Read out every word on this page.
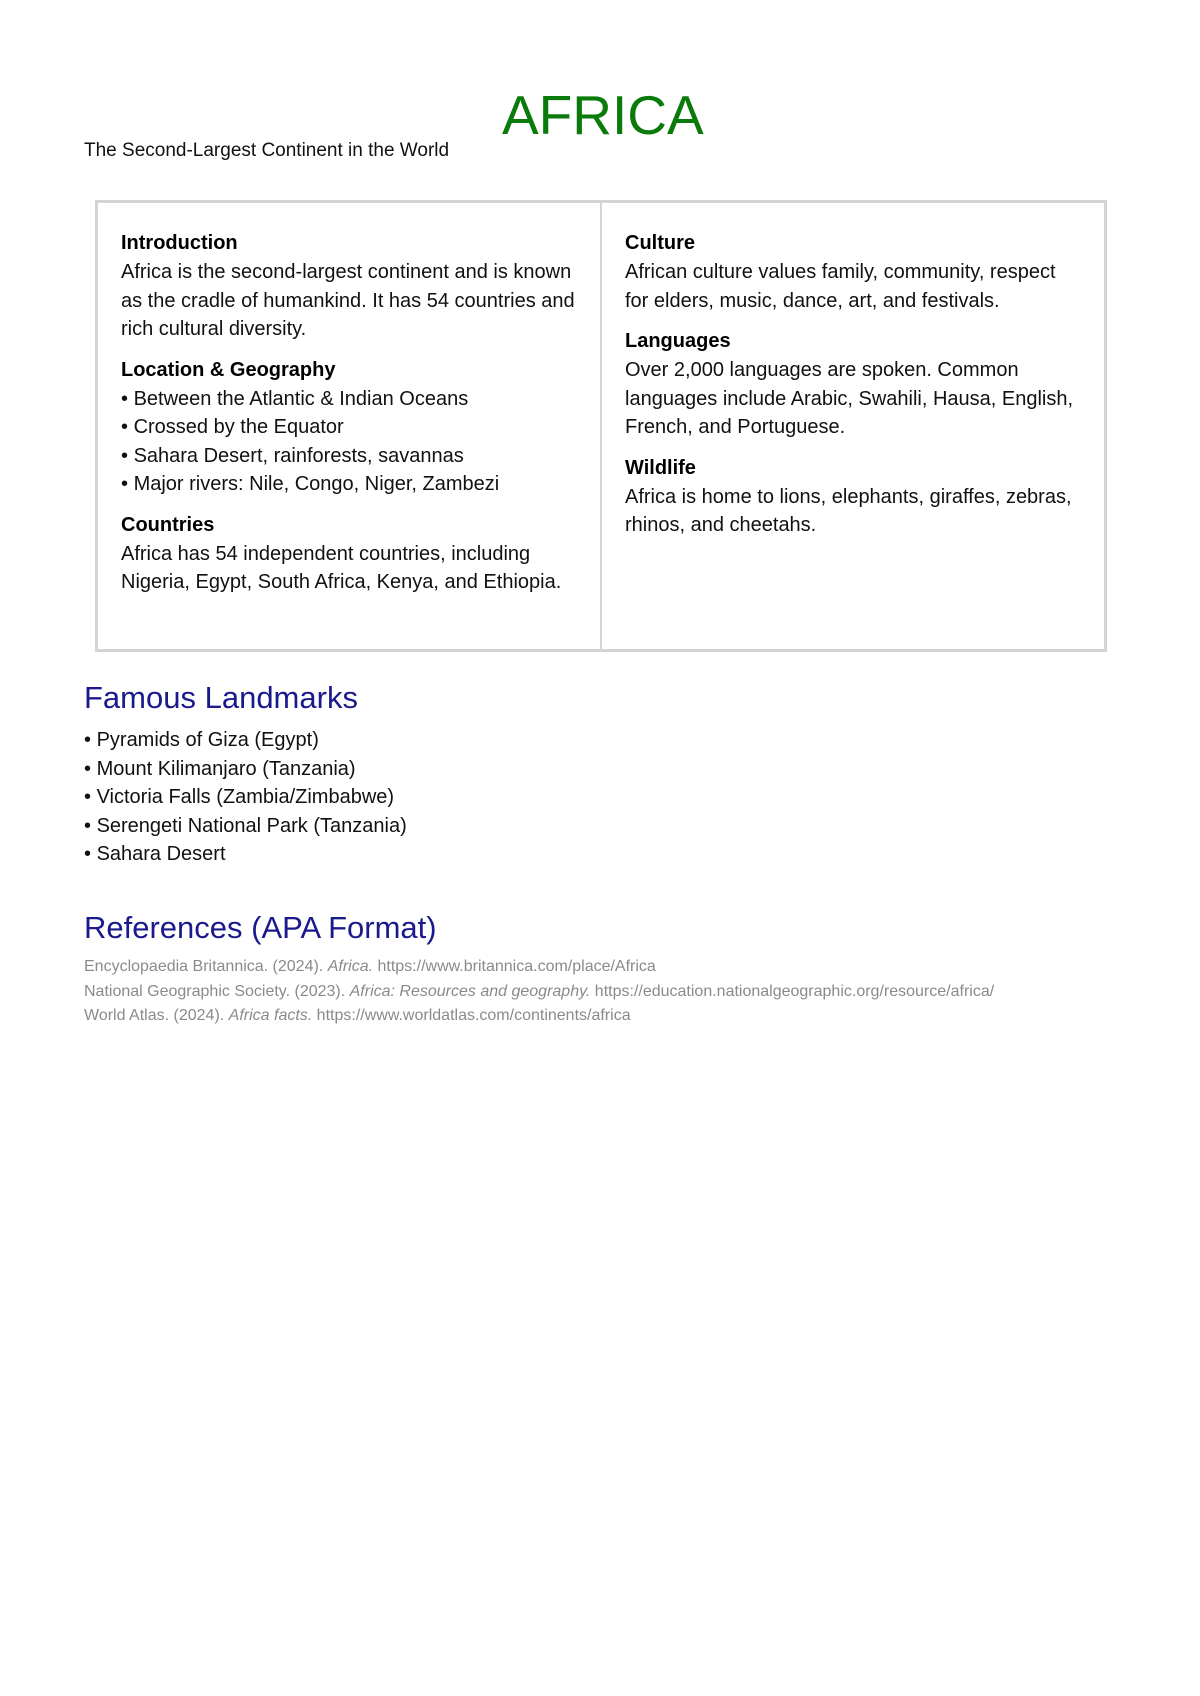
The Second-Largest Continent in the World
AFRICA
Introduction

Africa is the second-largest continent and is known as the cradle of humankind. It has 54 countries and rich cultural diversity.

Location & Geography
• Between the Atlantic & Indian Oceans
• Crossed by the Equator
• Sahara Desert, rainforests, savannas
• Major rivers: Nile, Congo, Niger, Zambezi
Countries

Africa has 54 independent countries, including Nigeria, Egypt, South Africa, Kenya, and Ethiopia.

Culture

African culture values family, community, respect for elders, music, dance, art, and festivals.

Languages

Over 2,000 languages are spoken. Common languages include Arabic, Swahili, Hausa, English, French, and Portuguese.

Wildlife

Africa is home to lions, elephants, giraffes, zebras, rhinos, and cheetahs.

Famous Landmarks
• Pyramids of Giza (Egypt)
• Mount Kilimanjaro (Tanzania)
• Victoria Falls (Zambia/Zimbabwe)
• Serengeti National Park (Tanzania)
• Sahara Desert
References (APA Format)
Encyclopaedia Britannica. (2024). Africa. https://www.britannica.com/place/Africa
National Geographic Society. (2023). Africa: Resources and geography. https://education.nationalgeographic.org/resource/africa/
World Atlas. (2024). Africa facts. https://www.worldatlas.com/continents/africa
